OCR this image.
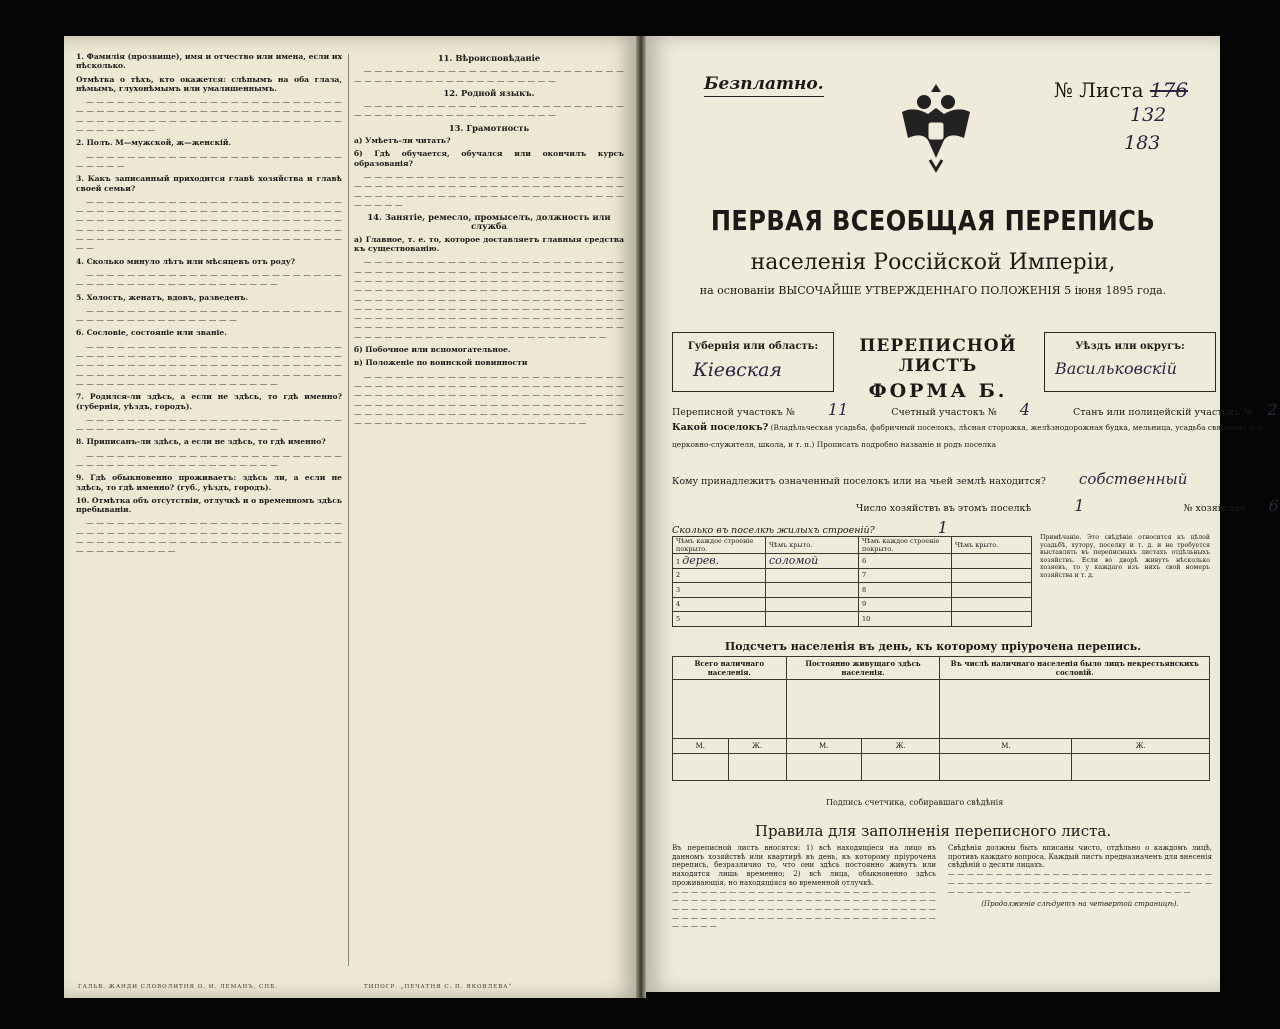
1. Фамилiя (прозвище), имя и отчество или имена, если их нѣсколько.

Отмѣтка о тѣхъ, кто окажется: слѣпымъ на оба глаза, нѣмымъ, глухонѣмымъ или умалишеннымъ.

— — — — — — — — — — — — — — — — — — — — — — — — — — — — — — — — — — — — — — — — — — — — — — — — — — — — — — — — — — — — — — — — — — — — — — — — — — — — — — — — — — — — —

2. Полъ. М—мужской, ж—женскiй.

— — — — — — — — — — — — — — — — — — — — — — — — — — — — — —

3. Какъ записанный приходится главѣ хозяйства и главѣ своей семьи?

— — — — — — — — — — — — — — — — — — — — — — — — — — — — — — — — — — — — — — — — — — — — — — — — — — — — — — — — — — — — — — — — — — — — — — — — — — — — — — — — — — — — — — — — — — — — — — — — — — — — — — — — — — — — — — — — — — — — — — — — — — — — — — — — — — —

4. Сколько минуло лѣтъ или мѣсяцевъ отъ роду?

— — — — — — — — — — — — — — — — — — — — — — — — — — — — — — — — — — — — — — — — — — — — —

5. Холостъ, женатъ, вдовъ, разведенъ.

— — — — — — — — — — — — — — — — — — — — — — — — — — — — — — — — — — — — — — — — —

6. Сословiе, состоянiе или званiе.

— — — — — — — — — — — — — — — — — — — — — — — — — — — — — — — — — — — — — — — — — — — — — — — — — — — — — — — — — — — — — — — — — — — — — — — — — — — — — — — — — — — — — — — — — — — — — — — — — — — — — — — — — — — — — — — — — — — — — — — — — — —

7. Родился-ли здѣсь, а если не здѣсь, то гдѣ именно? (губернiя, уѣздъ, городъ).

— — — — — — — — — — — — — — — — — — — — — — — — — — — — — — — — — — — — — — — — — — — — —

8. Приписанъ-ли здѣсь, а если не здѣсь, то гдѣ именно?

— — — — — — — — — — — — — — — — — — — — — — — — — — — — — — — — — — — — — — — — — — — — —

9. Гдѣ обыкновенно проживаетъ: здѣсь ли, а если не здѣсь, то гдѣ именно? (губ., уѣздъ, городъ).

10. Отмѣтка объ отсутствiи, отлучкѣ и о временномъ здѣсь пребыванiи.

— — — — — — — — — — — — — — — — — — — — — — — — — — — — — — — — — — — — — — — — — — — — — — — — — — — — — — — — — — — — — — — — — — — — — — — — — — — — — — — — — — — — — — —

11. Вѣроисповѣданiе

— — — — — — — — — — — — — — — — — — — — — — — — — — — — — — — — — — — — — — — — — — — — —

12. Родной языкъ.

— — — — — — — — — — — — — — — — — — — — — — — — — — — — — — — — — — — — — — — — — — — — —

13. Грамотность

а) Умѣетъ-ли читать?

б) Гдѣ обучается, обучался или окончилъ курсъ образованiя?

— — — — — — — — — — — — — — — — — — — — — — — — — — — — — — — — — — — — — — — — — — — — — — — — — — — — — — — — — — — — — — — — — — — — — — — — — — — — — — — — — —

14. Занятiе, ремесло, промыселъ, должность или служба

а) Главное, т. е. то, которое доставляетъ главныя средства къ существованiю.

— — — — — — — — — — — — — — — — — — — — — — — — — — — — — — — — — — — — — — — — — — — — — — — — — — — — — — — — — — — — — — — — — — — — — — — — — — — — — — — — — — — — — — — — — — — — — — — — — — — — — — — — — — — — — — — — — — — — — — — — — — — — — — — — — — — — — — — — — — — — — — — — — — — — — — — — — — — — — — — — — — — — — — — — — — — — — — — — — — — — — — — — — — — — — — — — — — — — — — — — — — — — — — — — — — — — — — — — — — — — — — — — — — — — — — — —

б) Побочное или вспомогательное.

в) Положенiе по воинской повинности

— — — — — — — — — — — — — — — — — — — — — — — — — — — — — — — — — — — — — — — — — — — — — — — — — — — — — — — — — — — — — — — — — — — — — — — — — — — — — — — — — — — — — — — — — — — — — — — — — — — — — — — — — — — — — — — — — — — — — — — — — — — — — — — — — — — — — — — — — — — — — — — — — — — — — — — —

ГАЛЬВ. ЖАНДИ СЛОВОЛИТНЯ О. И. ЛЕМАНЪ, СПБ.	ТИПОГР. „ПЕЧАТНЯ С. П. ЯКОВЛЕВА“
Безплатно.	№ Листа 176
132
183
ПЕРВАЯ ВСЕОБЩАЯ ПЕРЕПИСЬ
населенiя Россiйской Имперiи,
на основанiи ВЫСОЧАЙШЕ УТВЕРЖДЕННАГО ПОЛОЖЕНIЯ 5 iюня 1895 года.
Губернiя или область:
Кiевская
ПЕРЕПИСНОЙ ЛИСТЪ
ФОРМА Б.
Уѣздъ или округъ:
Васильковскiй
Переписной участокъ № 11	Счетный участокъ № 4	Станъ или полицейскiй участокъ № 2
Какой поселокъ? (Владѣльческая усадьба, фабричный поселокъ, лѣсная сторожка, желѣзнодорожная будка, мельница, усадьба священно или
церковно-служителя, школа, и т. п.) Прописать подробно названiе и родъ поселка
Кому принадлежитъ означенный поселокъ или на чьей землѣ находится? собственный
Число хозяйствъ въ этомъ поселкѣ	1	№ хозяйства 6
Сколько въ поселкѣ жилыхъ строенiй?	1
Чѣмъ каждое строенiе покрыто.	Чѣмъ крыто.	Чѣмъ каждое строенiе покрыто.	Чѣмъ крыто.
1 дерев.	соломой	6	
2		7	
3		8	
4		9	
5		10	
Примѣчанiе. Это свѣдѣнiе относится къ цѣлой усадьбѣ, хутору, поселку и т. д. и не требуется выставлять въ переписныхъ листахъ отдѣльныхъ хозяйствъ. Если во дворѣ живутъ нѣсколько хозяевъ, то у каждаго изъ нихъ свой номеръ хозяйства и т. д.
Подсчетъ населенiя въ день, къ которому прiурочена перепись.
Всего наличнаго населенiя.		Постоянно живущаго здѣсь населенiя.		Въ числѣ наличнаго населенiя было лицъ некрестьянскихъ сословiй.	

М.	Ж.	М.	Ж.	М.	Ж.

Подпись счетчика, собиравшаго свѣдѣнiя
Правила для заполненiя переписного листа.
Въ переписной листъ вносятся: 1) всѣ находящiеся на лицо въ данномъ хозяйствѣ или квартирѣ въ день, къ которому прiурочена перепись, безразлично то, что они здѣсь постоянно живутъ или находятся лишь временно; 2) всѣ лица, обыкновенно здѣсь проживающiя, но находящiяся во временной отлучкѣ.
— — — — — — — — — — — — — — — — — — — — — — — — — — — — — — — — — — — — — — — — — — — — — — — — — — — — — — — — — — — — — — — — — — — — — — — — — — — — — — — — — — — — — — — — — — — — — — — — — — — — — — — — — — — — — — — — — — — — —
Свѣдѣнiя должны быть вписаны чисто, отдѣльно о каждомъ лицѣ, противъ каждаго вопроса. Каждый листъ предназначенъ для внесенiя свѣдѣнiй о десяти лицахъ.
— — — — — — — — — — — — — — — — — — — — — — — — — — — — — — — — — — — — — — — — — — — — — — — — — — — — — — — — — — — — — — — — — — — — — — — — — — — — — — — — — —
(Продолженiе слѣдуетъ на четвертой страницѣ).
